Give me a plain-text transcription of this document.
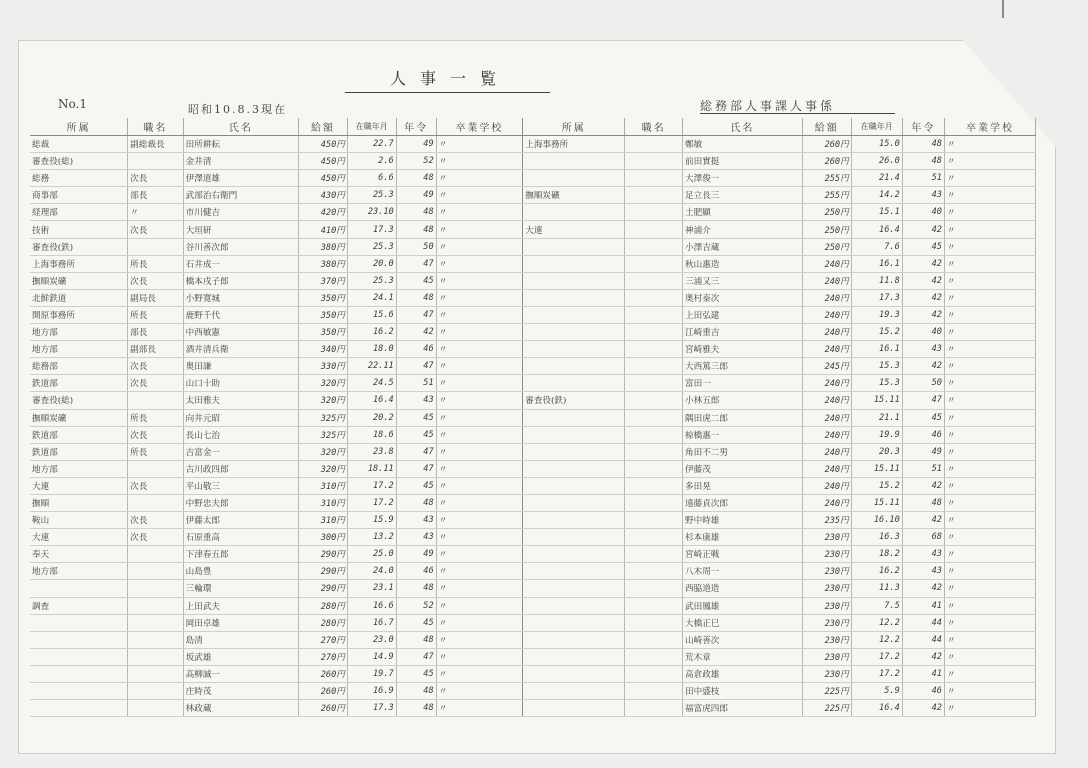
人事一覧
No.1	昭和10.8.3現在	総務部人事課人事係
所属	職名	氏名	給額	在職年月	年令	卒業学校	所属	職名	氏名	給額	在職年月	年令	卒業学校
総裁	副総裁長	田所耕耘	450円	22.7	49	〃	上海事務所		鄭敏	260円	15.0	48	〃
審査役(総)		金井清	450円	2.6	52	〃			前田實挺	260円	26.0	48	〃
総務	次長	伊澤道雄	450円	6.6	48	〃			大澤俊一	255円	21.4	51	〃
商事部	部長	武部治右衛門	430円	25.3	49	〃	撫順炭礦		足立長三	255円	14.2	43	〃
経理部	〃	市川健吉	420円	23.10	48	〃			土肥顯	250円	15.1	40	〃
技術	次長	大垣研	410円	17.3	48	〃	大連		神浦介	250円	16.4	42	〃
審査役(鉄)		谷川善次郎	380円	25.3	50	〃			小澤吉蔵	250円	7.6	45	〃
上海事務所	所長	石井成一	380円	20.0	47	〃			秋山惠造	240円	16.1	42	〃
撫順炭礦	次長	橋本戌子郎	370円	25.3	45	〃			三浦又三	240円	11.8	42	〃
北鮮鉄道	副局長	小野寛城	350円	24.1	48	〃			奥村泰次	240円	17.3	42	〃
開原事務所	所長	鹿野千代	350円	15.6	47	〃			上田弘建	240円	19.3	42	〃
地方部	部長	中西敏憲	350円	16.2	42	〃			江崎重吉	240円	15.2	40	〃
地方部	副部長	酒井清兵衛	340円	18.0	46	〃			宮崎雅夫	240円	16.1	43	〃
総務部	次長	奥田謙	330円	22.11	47	〃			大西篤三郎	245円	15.3	42	〃
鉄道部	次長	山口十助	320円	24.5	51	〃			富田一	240円	15.3	50	〃
審査役(総)		太田雅夫	320円	16.4	43	〃	審査役(鉄)		小林五郎	240円	15.11	47	〃
撫順炭礦	所長	向井元昭	325円	20.2	45	〃			隅田虎二郎	240円	21.1	45	〃
鉄道部	次長	長山七治	325円	18.6	45	〃			椋橋惠一	240円	19.9	46	〃
鉄道部	所長	吉富金一	320円	23.8	47	〃			角田不二男	240円	20.3	49	〃
地方部		古川政四郎	320円	18.11	47	〃			伊藤茂	240円	15.11	51	〃
大連	次長	平山敬三	310円	17.2	45	〃			多田晃	240円	15.2	42	〃
撫順		中野忠夫郎	310円	17.2	48	〃			遠藤貞次郎	240円	15.11	48	〃
鞍山	次長	伊藤太郎	310円	15.9	43	〃			野中時雄	235円	16.10	42	〃
大連	次長	石原重高	300円	13.2	43	〃			杉本康雄	230円	16.3	68	〃
奉天		下津春五郎	290円	25.0	49	〃			宮崎正戦	230円	18.2	43	〃
地方部		山島豊	290円	24.0	46	〃			八木周一	230円	16.2	43	〃
		三輪環	290円	23.1	48	〃			西脇道造	230円	11.3	42	〃
調査		上田武夫	280円	16.6	52	〃			武田鳳雄	230円	7.5	41	〃
		岡田卓雄	280円	16.7	45	〃			大橋正巳	230円	12.2	44	〃
		島清	270円	23.0	48	〃			山崎善次	230円	12.2	44	〃
		坂武雄	270円	14.9	47	〃			荒木章	230円	17.2	42	〃
		高柳誠一	260円	19.7	45	〃			高倉政雄	230円	17.2	41	〃
		庄時茂	260円	16.9	48	〃			田中盛枝	225円	5.9	46	〃
		林政蔵	260円	17.3	48	〃			福富虎四郎	225円	16.4	42	〃
